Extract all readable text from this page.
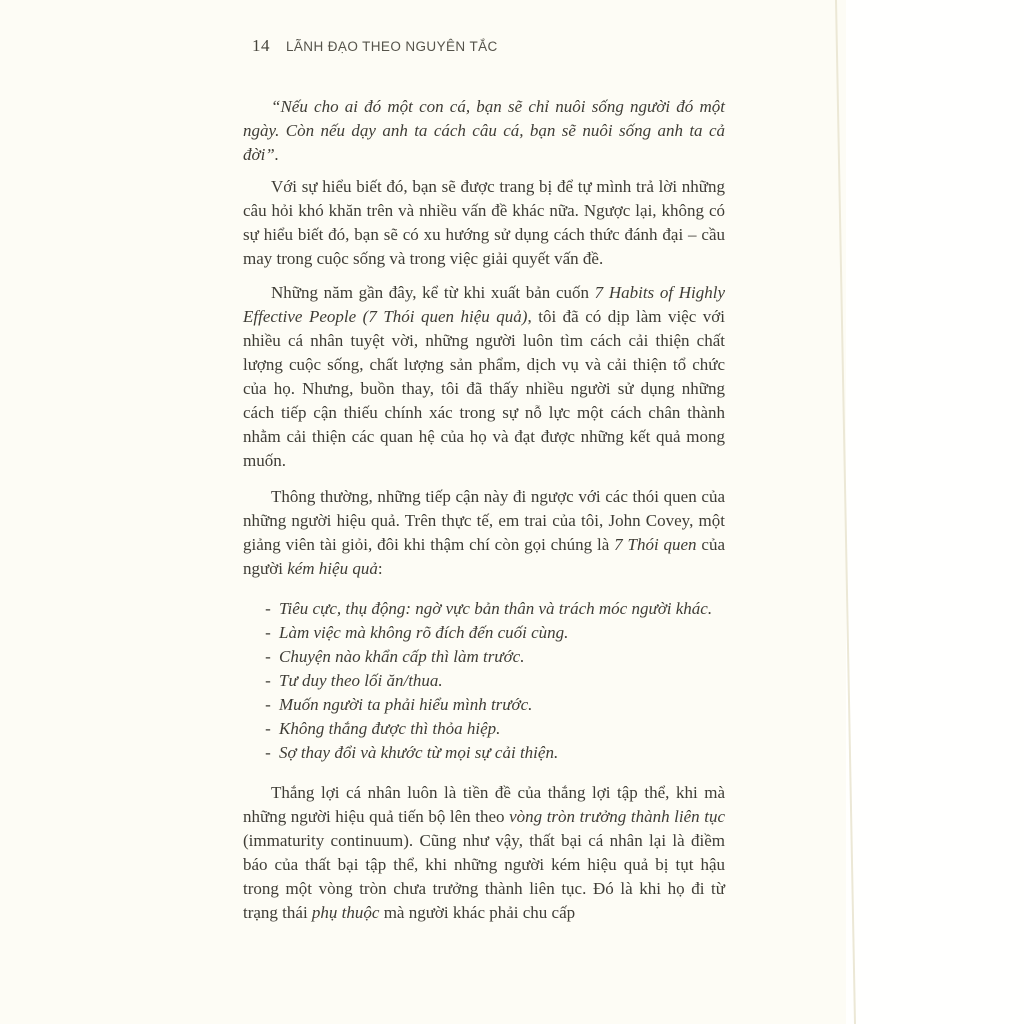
14 LÃNH ĐẠO THEO NGUYÊN TẮC

“Nếu cho ai đó một con cá, bạn sẽ chỉ nuôi sống người đó một ngày. Còn nếu dạy anh ta cách câu cá, bạn sẽ nuôi sống anh ta cả đời”.

Với sự hiểu biết đó, bạn sẽ được trang bị để tự mình trả lời những câu hỏi khó khăn trên và nhiều vấn đề khác nữa. Ngược lại, không có sự hiểu biết đó, bạn sẽ có xu hướng sử dụng cách thức đánh đại – cầu may trong cuộc sống và trong việc giải quyết vấn đề.

Những năm gần đây, kể từ khi xuất bản cuốn 7 Habits of Highly Effective People (7 Thói quen hiệu quả), tôi đã có dịp làm việc với nhiều cá nhân tuyệt vời, những người luôn tìm cách cải thiện chất lượng cuộc sống, chất lượng sản phẩm, dịch vụ và cải thiện tổ chức của họ. Nhưng, buồn thay, tôi đã thấy nhiều người sử dụng những cách tiếp cận thiếu chính xác trong sự nỗ lực một cách chân thành nhằm cải thiện các quan hệ của họ và đạt được những kết quả mong muốn.

Thông thường, những tiếp cận này đi ngược với các thói quen của những người hiệu quả. Trên thực tế, em trai của tôi, John Covey, một giảng viên tài giỏi, đôi khi thậm chí còn gọi chúng là 7 Thói quen của người kém hiệu quả:

- Tiêu cực, thụ động: ngờ vực bản thân và trách móc người khác.
- Làm việc mà không rõ đích đến cuối cùng.
- Chuyện nào khẩn cấp thì làm trước.
- Tư duy theo lối ăn/thua.
- Muốn người ta phải hiểu mình trước.
- Không thắng được thì thỏa hiệp.
- Sợ thay đổi và khước từ mọi sự cải thiện.

Thắng lợi cá nhân luôn là tiền đề của thắng lợi tập thể, khi mà những người hiệu quả tiến bộ lên theo vòng tròn trưởng thành liên tục (immaturity continuum). Cũng như vậy, thất bại cá nhân lại là điềm báo của thất bại tập thể, khi những người kém hiệu quả bị tụt hậu trong một vòng tròn chưa trưởng thành liên tục. Đó là khi họ đi từ trạng thái phụ thuộc mà người khác phải chu cấp
